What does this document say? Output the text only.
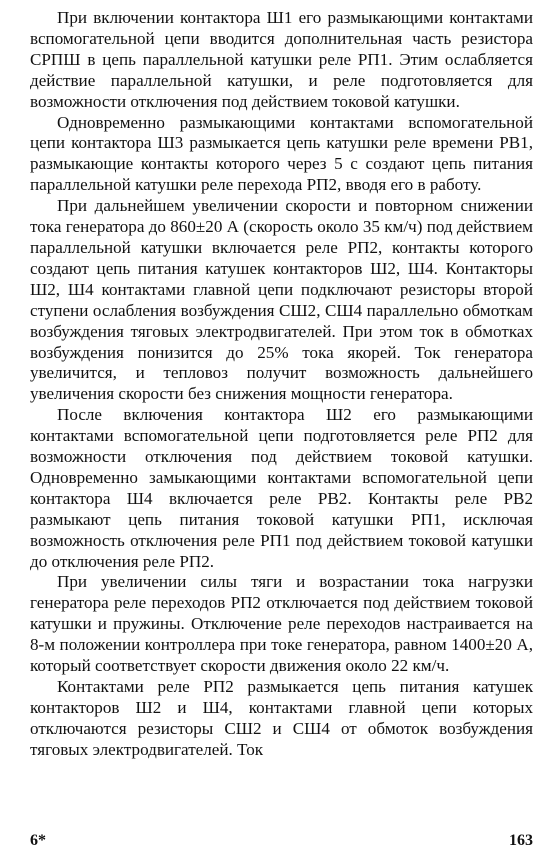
При включении контактора Ш1 его размыкающими контактами вспомогательной цепи вводится дополнительная часть резистора СРПШ в цепь параллельной катушки реле РП1. Этим ослабляется действие параллельной катушки, и реле подготовляется для возможности отключения под действием токовой катушки.

Одновременно размыкающими контактами вспомогательной цепи контактора Ш3 размыкается цепь катушки реле времени РВ1, размыкающие контакты которого через 5 с создают цепь питания параллельной катушки реле перехода РП2, вводя его в работу.

При дальнейшем увеличении скорости и повторном снижении тока генератора до 860±20 А (скорость около 35 км/ч) под действием параллельной катушки включается реле РП2, контакты которого создают цепь питания катушек контакторов Ш2, Ш4. Контакторы Ш2, Ш4 контактами главной цепи подключают резисторы второй ступени ослабления возбуждения СШ2, СШ4 параллельно обмоткам возбуждения тяговых электродвигателей. При этом ток в обмотках возбуждения понизится до 25% тока якорей. Ток генератора увеличится, и тепловоз получит возможность дальнейшего увеличения скорости без снижения мощности генератора.

После включения контактора Ш2 его размыкающими контактами вспомогательной цепи подготовляется реле РП2 для возможности отключения под действием токовой катушки. Одновременно замыкающими контактами вспомогательной цепи контактора Ш4 включается реле РВ2. Контакты реле РВ2 размыкают цепь питания токовой катушки РП1, исключая возможность отключения реле РП1 под действием токовой катушки до отключения реле РП2.

При увеличении силы тяги и возрастании тока нагрузки генератора реле переходов РП2 отключается под действием токовой катушки и пружины. Отключение реле переходов настраивается на 8-м положении контроллера при токе генератора, равном 1400±20 А, который соответствует скорости движения около 22 км/ч.

Контактами реле РП2 размыкается цепь питания катушек контакторов Ш2 и Ш4, контактами главной цепи которых отключаются резисторы СШ2 и СШ4 от обмоток возбуждения тяговых электродвигателей. Ток

6*	163
